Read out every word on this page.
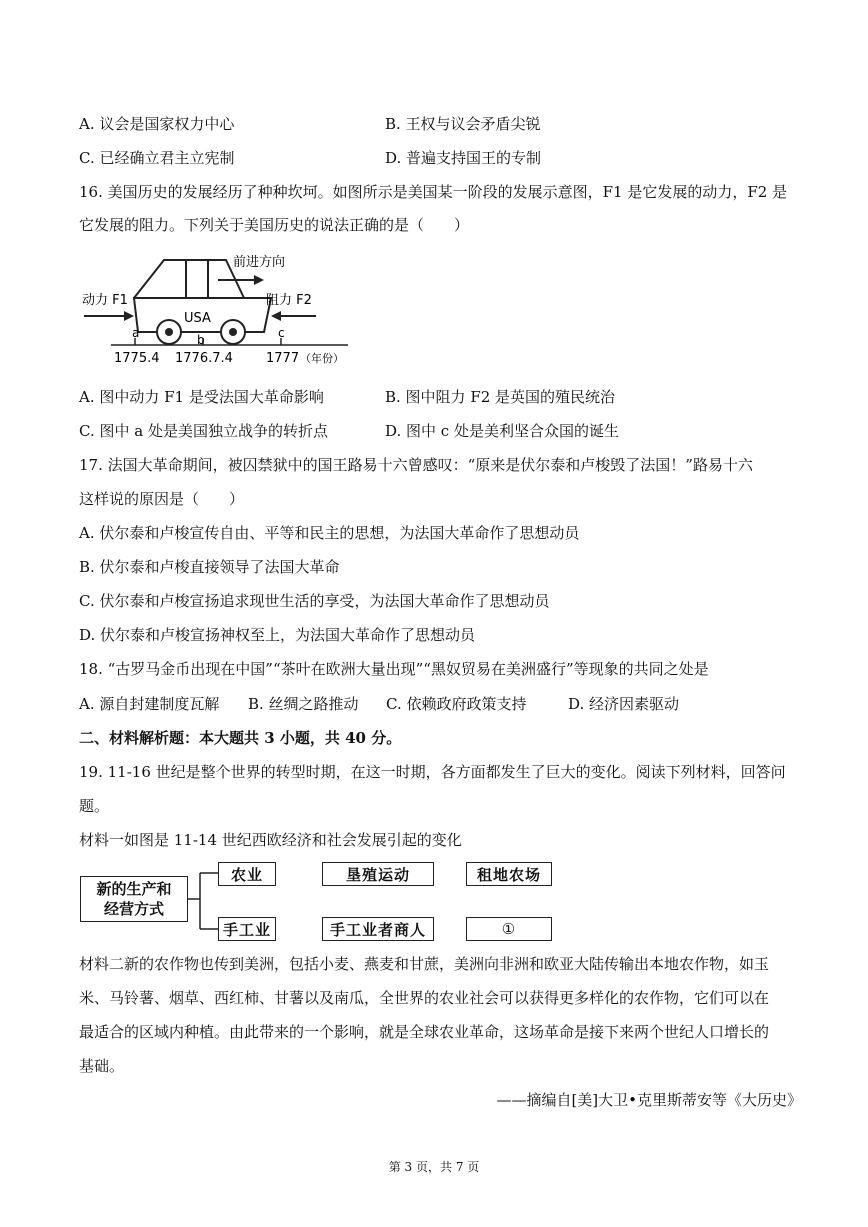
A. 议会是国家权力中心	B. 王权与议会矛盾尖锐
C. 已经确立君主立宪制	D. 普遍支持国王的专制
16. 美国历史的发展经历了种种坎坷。如图所示是美国某一阶段的发展示意图，F1 是它发展的动力，F2 是
它发展的阻力。下列关于美国历史的说法正确的是（　　）
USA
前进方向
动力 F1	阻力 F2
a	b	c
1775.4 1776.7.4	1777 （年份）
A. 图中动力 F1 是受法国大革命影响	B. 图中阻力 F2 是英国的殖民统治
C. 图中 a 处是美国独立战争的转折点	D. 图中 c 处是美利坚合众国的诞生
17. 法国大革命期间，被囚禁狱中的国王路易十六曾感叹：“原来是伏尔泰和卢梭毁了法国！”路易十六
这样说的原因是（　　）
A. 伏尔泰和卢梭宣传自由、平等和民主的思想，为法国大革命作了思想动员
B. 伏尔泰和卢梭直接领导了法国大革命
C. 伏尔泰和卢梭宣扬追求现世生活的享受，为法国大革命作了思想动员
D. 伏尔泰和卢梭宣扬神权至上，为法国大革命作了思想动员
18. “古罗马金币出现在中国”“茶叶在欧洲大量出现”“黑奴贸易在美洲盛行”等现象的共同之处是
A. 源自封建制度瓦解 B. 丝绸之路推动 C. 依赖政府政策支持	D. 经济因素驱动
二、材料解析题：本大题共 3 小题，共 40 分。
19. 11-16 世纪是整个世界的转型时期，在这一时期，各方面都发生了巨大的变化。阅读下列材料，回答问
题。
材料一如图是 11-14 世纪西欧经济和社会发展引起的变化
新的生产和
经营方式
农业	垦殖运动	租地农场
手工业	手工业者商人	①
材料二新的农作物也传到美洲，包括小麦、燕麦和甘蔗，美洲向非洲和欧亚大陆传输出本地农作物，如玉
米、马铃薯、烟草、西红柿、甘薯以及南瓜，全世界的农业社会可以获得更多样化的农作物，它们可以在
最适合的区域内种植。由此带来的一个影响，就是全球农业革命，这场革命是接下来两个世纪人口增长的
基础。
——摘编自[美]大卫•克里斯蒂安等《大历史》
第 3 页，共 7 页
